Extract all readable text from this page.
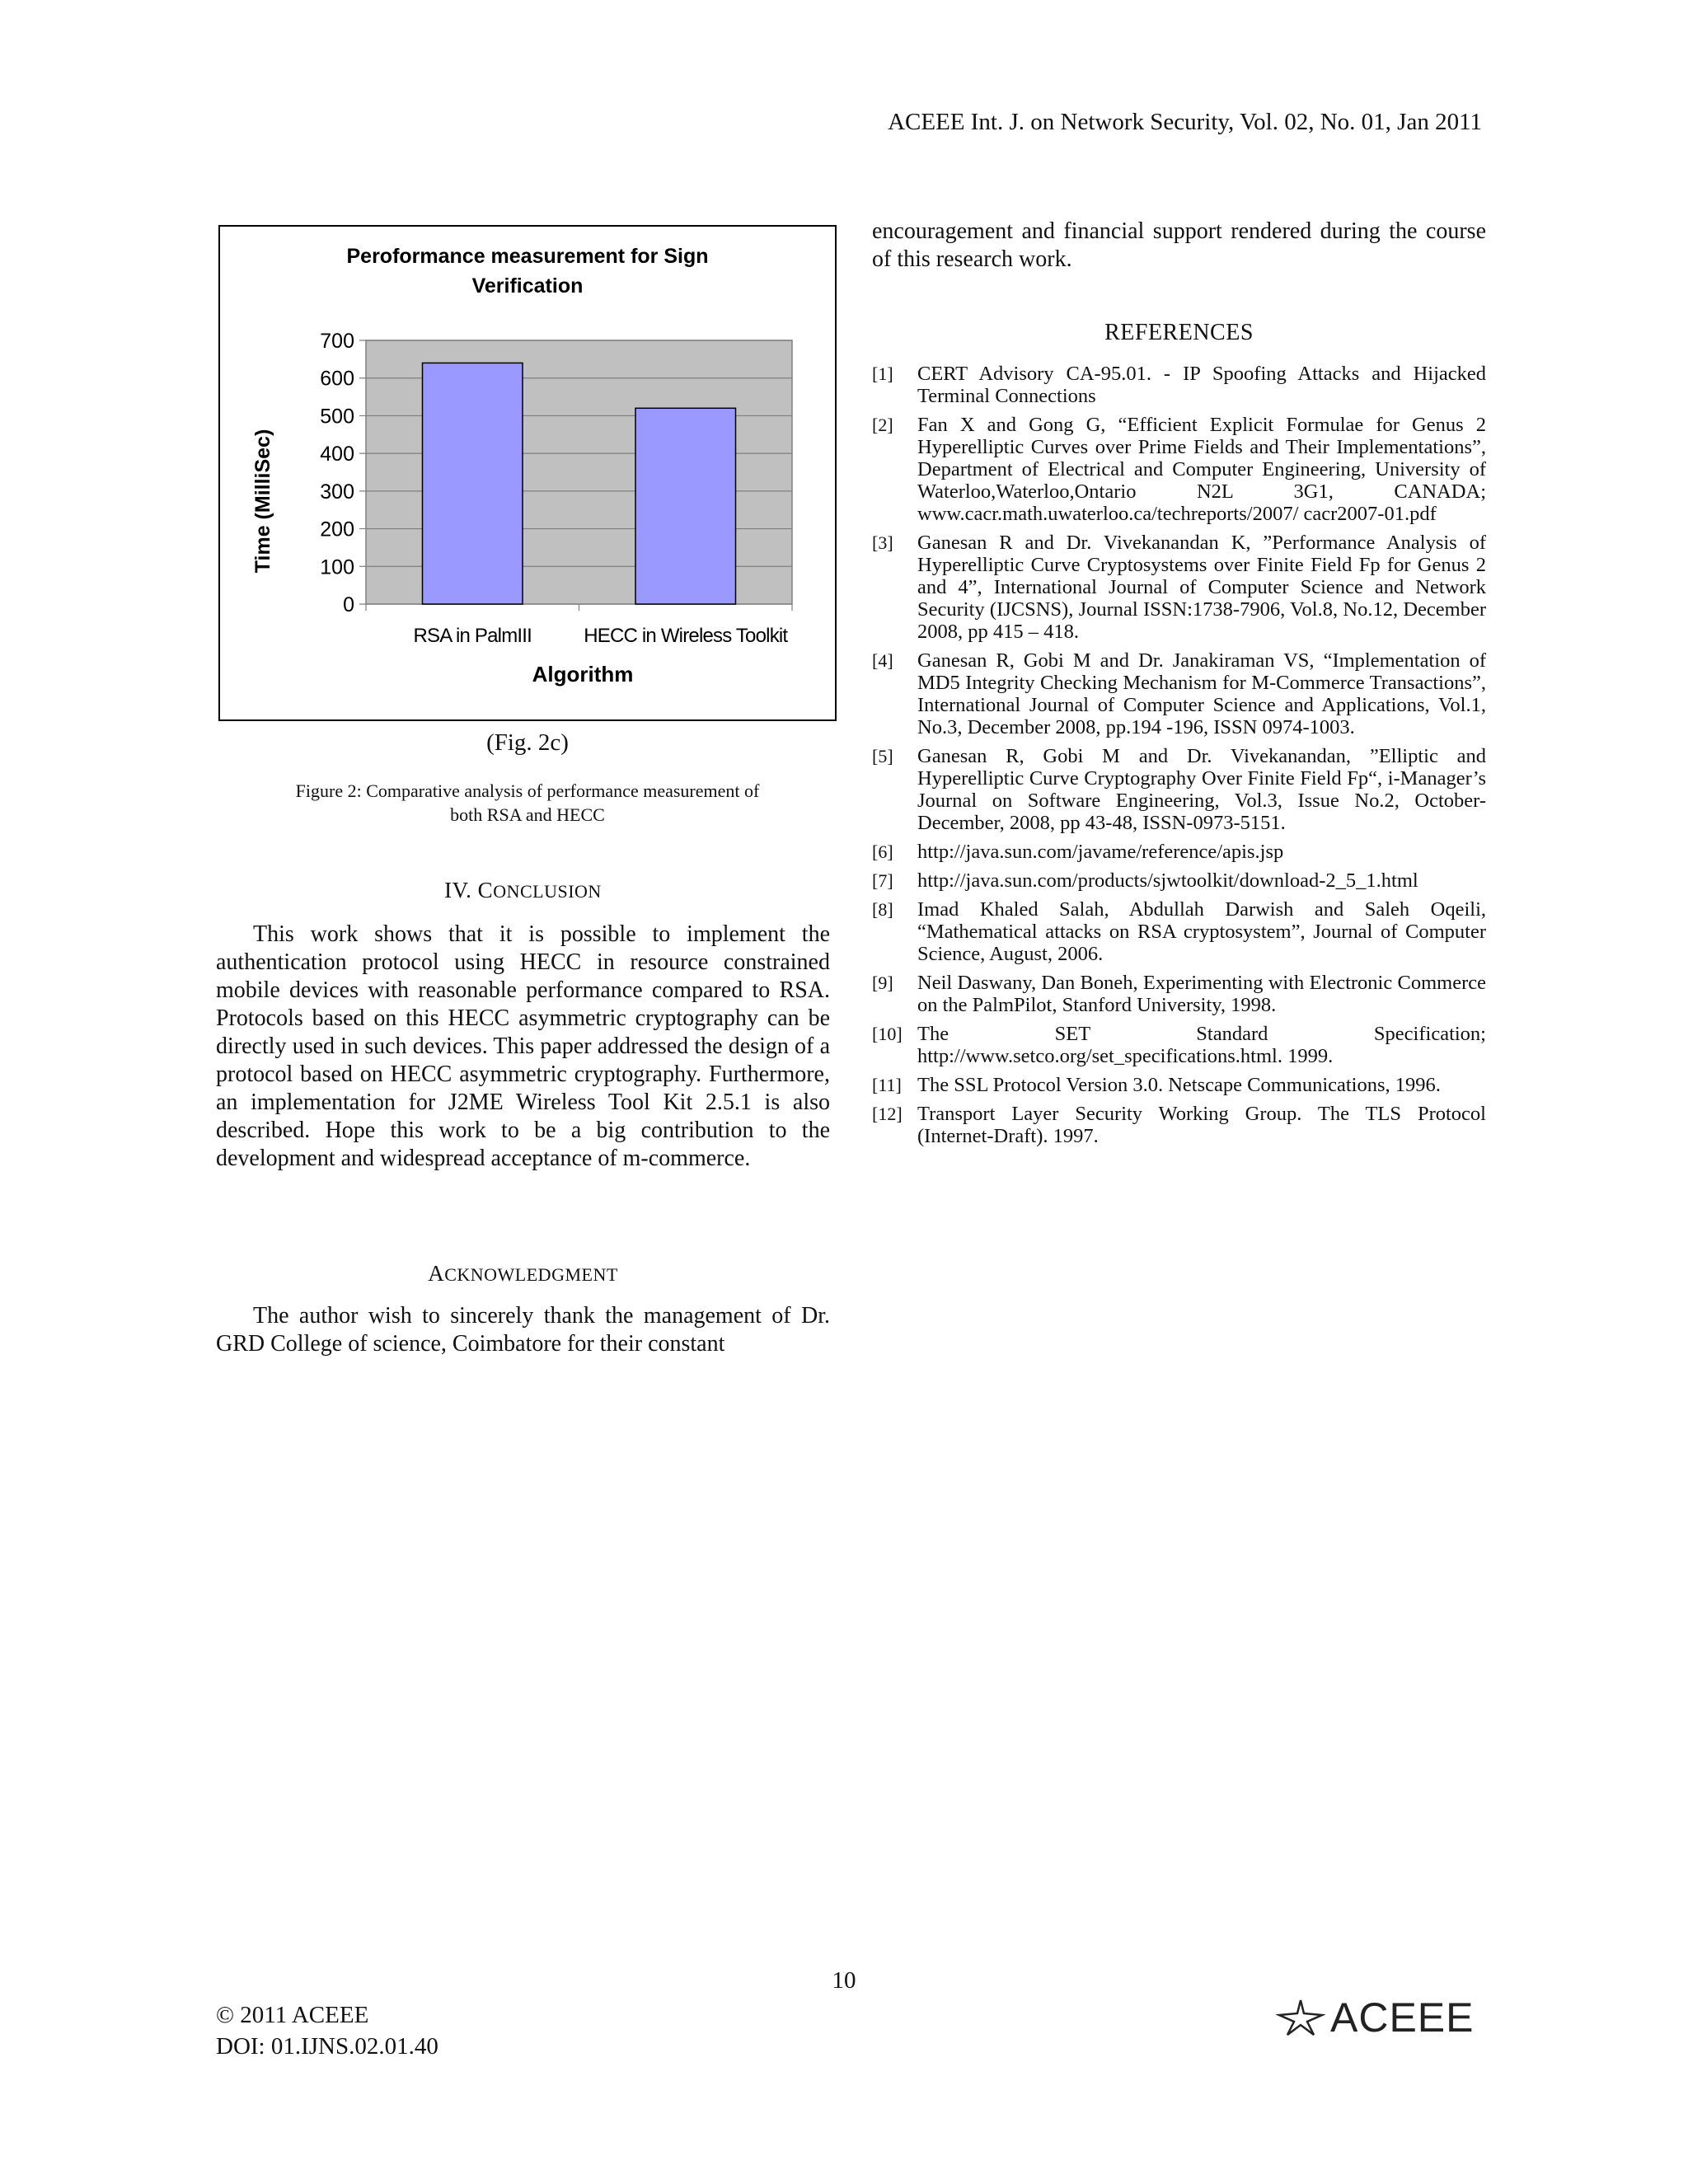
ACEEE Int. J. on Network Security, Vol. 02, No. 01, Jan 2011
Peroformance measurement for Sign
Verification
0
100
200
300
400
500
600
700
RSA in PalmIII	HECC in Wireless Toolkit
Time (MilliSec)
Algorithm
(Fig. 2c)
Figure 2: Comparative analysis of performance measurement of
both RSA and HECC
IV. CONCLUSION

This work shows that it is possible to implement the authentication protocol using HECC in resource constrained mobile devices with reasonable performance compared to RSA. Protocols based on this HECC asymmetric cryptography can be directly used in such devices. This paper addressed the design of a protocol based on HECC asymmetric cryptography. Furthermore, an implementation for J2ME Wireless Tool Kit 2.5.1 is also described. Hope this work to be a big contribution to the development and widespread acceptance of m-commerce.

ACKNOWLEDGMENT

The author wish to sincerely thank the management of Dr. GRD College of science, Coimbatore for their constant

encouragement and financial support rendered during the course of this research work.

REFERENCES
[1]	CERT Advisory CA-95.01. - IP Spoofing Attacks and Hijacked Terminal Connections
[2]	Fan X and Gong G, “Efficient Explicit Formulae for Genus 2 Hyperelliptic Curves over Prime Fields and Their Implementations”, Department of Electrical and Computer Engineering, University of Waterloo,Waterloo,Ontario N2L 3G1, CANADA; www.cacr.math.uwaterloo.ca/techreports/2007/ cacr2007-01.pdf
[3]	Ganesan R and Dr. Vivekanandan K, ”Performance Analysis of Hyperelliptic Curve Cryptosystems over Finite Field Fp for Genus 2 and 4”, International Journal of Computer Science and Network Security (IJCSNS), Journal ISSN:1738-7906, Vol.8, No.12, December 2008, pp 415 – 418.
[4]	Ganesan R, Gobi M and Dr. Janakiraman VS, “Implementation of MD5 Integrity Checking Mechanism for M-Commerce Transactions”, International Journal of Computer Science and Applications, Vol.1, No.3, December 2008, pp.194 -196, ISSN 0974-1003.
[5]	Ganesan R, Gobi M and Dr. Vivekanandan, ”Elliptic and Hyperelliptic Curve Cryptography Over Finite Field Fp“, i-Manager’s Journal on Software Engineering, Vol.3, Issue No.2, October-December, 2008, pp 43-48, ISSN-0973-5151.
[6]	http://java.sun.com/javame/reference/apis.jsp
[7]	http://java.sun.com/products/sjwtoolkit/download-2_5_1.html
[8]	Imad Khaled Salah, Abdullah Darwish and Saleh Oqeili, “Mathematical attacks on RSA cryptosystem”, Journal of Computer Science, August, 2006.
[9]	Neil Daswany, Dan Boneh, Experimenting with Electronic Commerce on the PalmPilot, Stanford University, 1998.
[10] The SET Standard Specification; http://www.setco.org/set_specifications.html. 1999.
[11] The SSL Protocol Version 3.0. Netscape Communications, 1996.
[12] Transport Layer Security Working Group. The TLS Protocol (Internet-Draft). 1997.
10
© 2011 ACEEE
DOI: 01.IJNS.02.01.40
ACEEE
